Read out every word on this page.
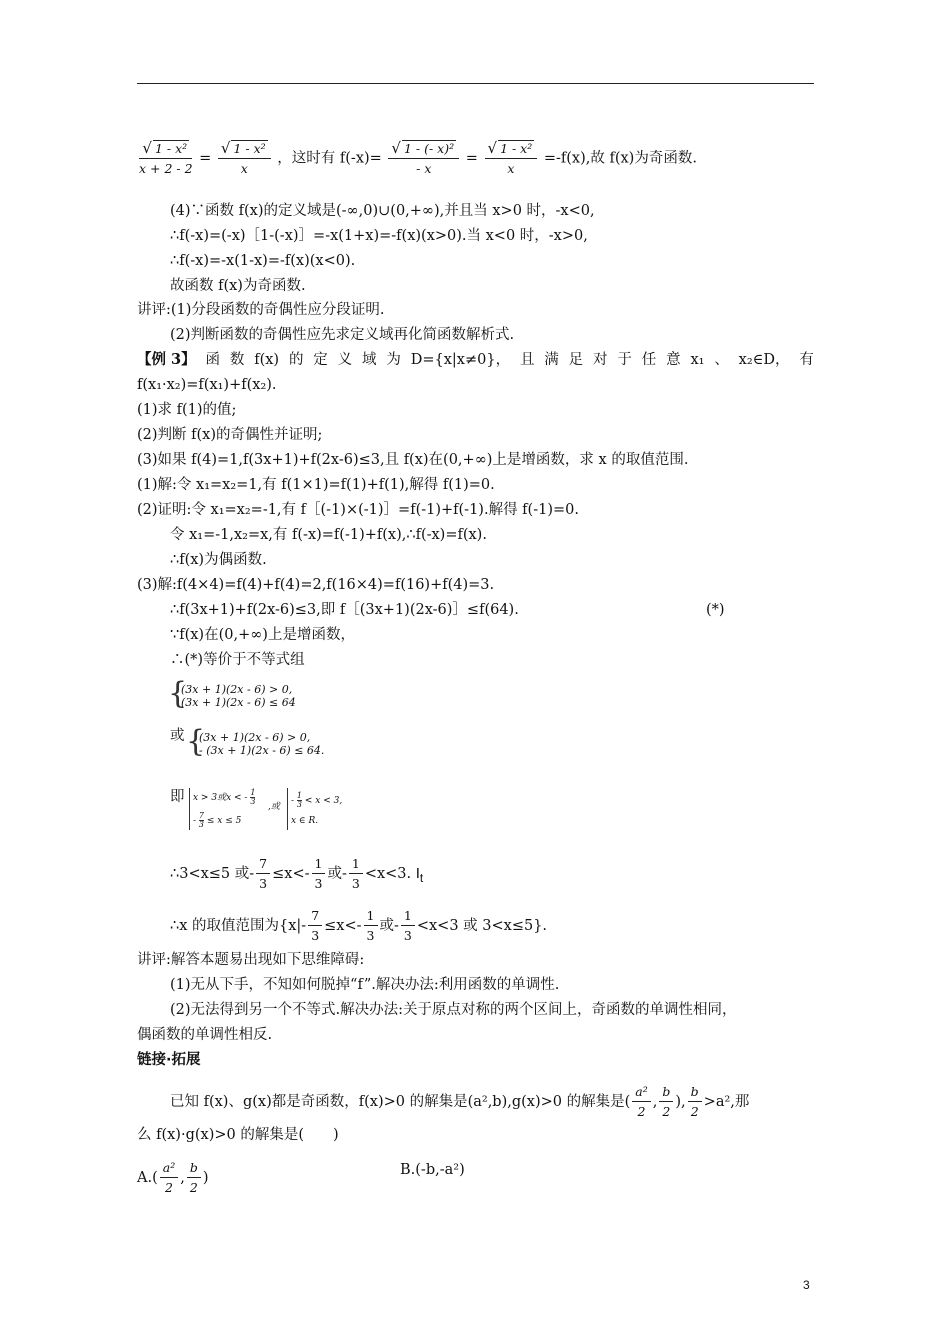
$\frac{\text{√ 1 - x²}}{x + 2 - 2} = \frac{\text{√ 1 - x²}}{x}$ ，这时有 $f(-x)= \frac{\text{√ 1 - (- x)²}}{- x} = \frac{\text{√ 1 - x²}}{x} =-f(x)$,故 f(x)为奇函数.
(4)∵函数 f(x)的定义域是(-∞,0)∪(0,+∞),并且当 x>0 时，-x<0,
∴f(-x)=(-x)［1-(-x)］=-x(1+x)=-f(x)(x>0).当 x<0 时，-x>0,
∴f(-x)=-x(1-x)=-f(x)(x<0).
故函数 f(x)为奇函数.
讲评:(1)分段函数的奇偶性应分段证明.
(2)判断函数的奇偶性应先求定义域再化简函数解析式.
【例 3】 函 数 f(x) 的 定 义 域 为 D={x|x≠0}， 且 满 足 对 于 任 意 x₁ 、 x₂∈D， 有
f(x₁·x₂)=f(x₁)+f(x₂).
(1)求 f(1)的值;
(2)判断 f(x)的奇偶性并证明;
(3)如果 f(4)=1,f(3x+1)+f(2x-6)≤3,且 f(x)在(0,+∞)上是增函数，求 x 的取值范围.
(1)解:令 x₁=x₂=1,有 f(1×1)=f(1)+f(1),解得 f(1)=0.
(2)证明:令 x₁=x₂=-1,有 f［(-1)×(-1)］=f(-1)+f(-1).解得 f(-1)=0.
令 x₁=-1,x₂=x,有 f(-x)=f(-1)+f(x),∴f(-x)=f(x).
∴f(x)为偶函数.
(3)解:f(4×4)=f(4)+f(4)=2,f(16×4)=f(16)+f(4)=3.
∴f(3x+1)+f(2x-6)≤3,即 f［(3x+1)(2x-6)］≤f(64).	(*)
∵f(x)在(0,+∞)上是增函数，
∴(*)等价于不等式组
{
(3x + 1)(2x - 6) > 0,
(3x + 1)(2x - 6) ≤ 64
或 {
(3x + 1)(2x - 6) > 0,
- (3x + 1)(2x - 6) ≤ 64.
即 x > 3或x < - $\frac{1}{3}$
- $\frac{7}{3} \le x \le 5$
,或
- $\frac{1}{3} < x < 3$,
x ∈ R.
∴3<x≤5 或- $\frac{7}{3} \le x<- \frac{1}{3}$ 或- $\frac{1}{3} <x<3$. $I_t$
∴x 的取值范围为{$x|- \frac{7}{3} \le x<- \frac{1}{3}$ 或- $\frac{1}{3} <x<3$ 或 3<x≤5}.
讲评:解答本题易出现如下思维障碍:
(1)无从下手，不知如何脱掉“f”.解决办法:利用函数的单调性.
(2)无法得到另一个不等式.解决办法:关于原点对称的两个区间上，奇函数的单调性相同，
偶函数的单调性相反.
链接·拓展
已知 f(x)、g(x)都是奇函数，f(x)>0 的解集是(a²,b),g(x)>0 的解集是( $\frac{\text{a²}}{2}$ , $\frac{b}{2}$ ), $\frac{b}{2} >a^2$,那
么 f(x)·g(x)>0 的解集是(　　)
$A.( \frac{\text{a²}}{2}$ , $\frac{b}{2}$ )	B.(-b,-a²)
3
